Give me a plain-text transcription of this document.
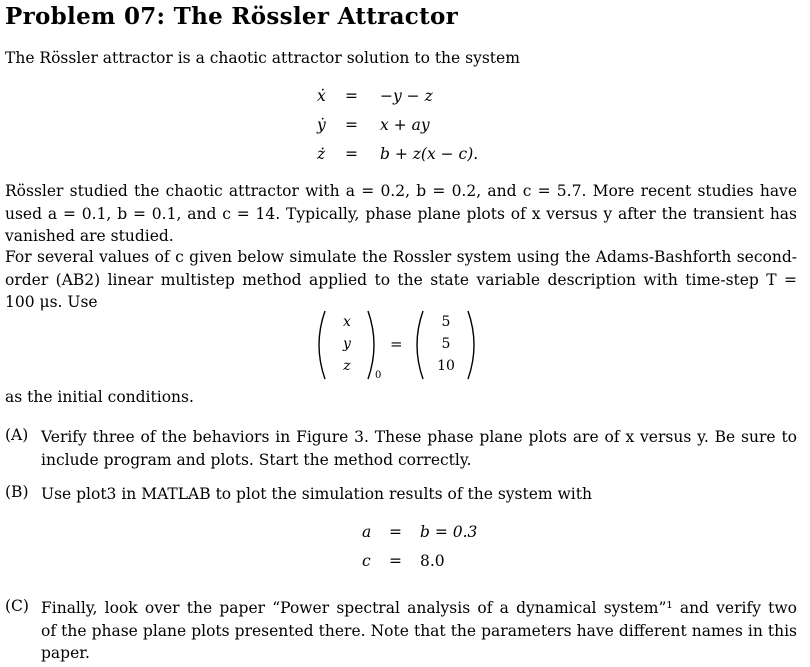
Problem 07: The Rössler Attractor
The Rössler attractor is a chaotic attractor solution to the system
ẋ = −y − z
ẏ = x + ay
ż = b + z(x − c).
Rössler studied the chaotic attractor with a = 0.2, b = 0.2, and c = 5.7. More recent studies have
used a = 0.1, b = 0.1, and c = 14. Typically, phase plane plots of x versus y after the transient has
vanished are studied.
For several values of c given below simulate the Rossler system using the Adams-Bashforth second-
order (AB2) linear multistep method applied to the state variable description with time-step T =
100 μs. Use
x
y
z
0
=
5
5
10
as the initial conditions.
(A) Verify three of the behaviors in Figure 3. These phase plane plots are of x versus y. Be sure to
include program and plots. Start the method correctly.
(B) Use plot3 in MATLAB to plot the simulation results of the system with
a = b = 0.3
c = 8.0
(C) Finally, look over the paper “Power spectral analysis of a dynamical system”¹ and verify two
of the phase plane plots presented there. Note that the parameters have different names in this
paper.
